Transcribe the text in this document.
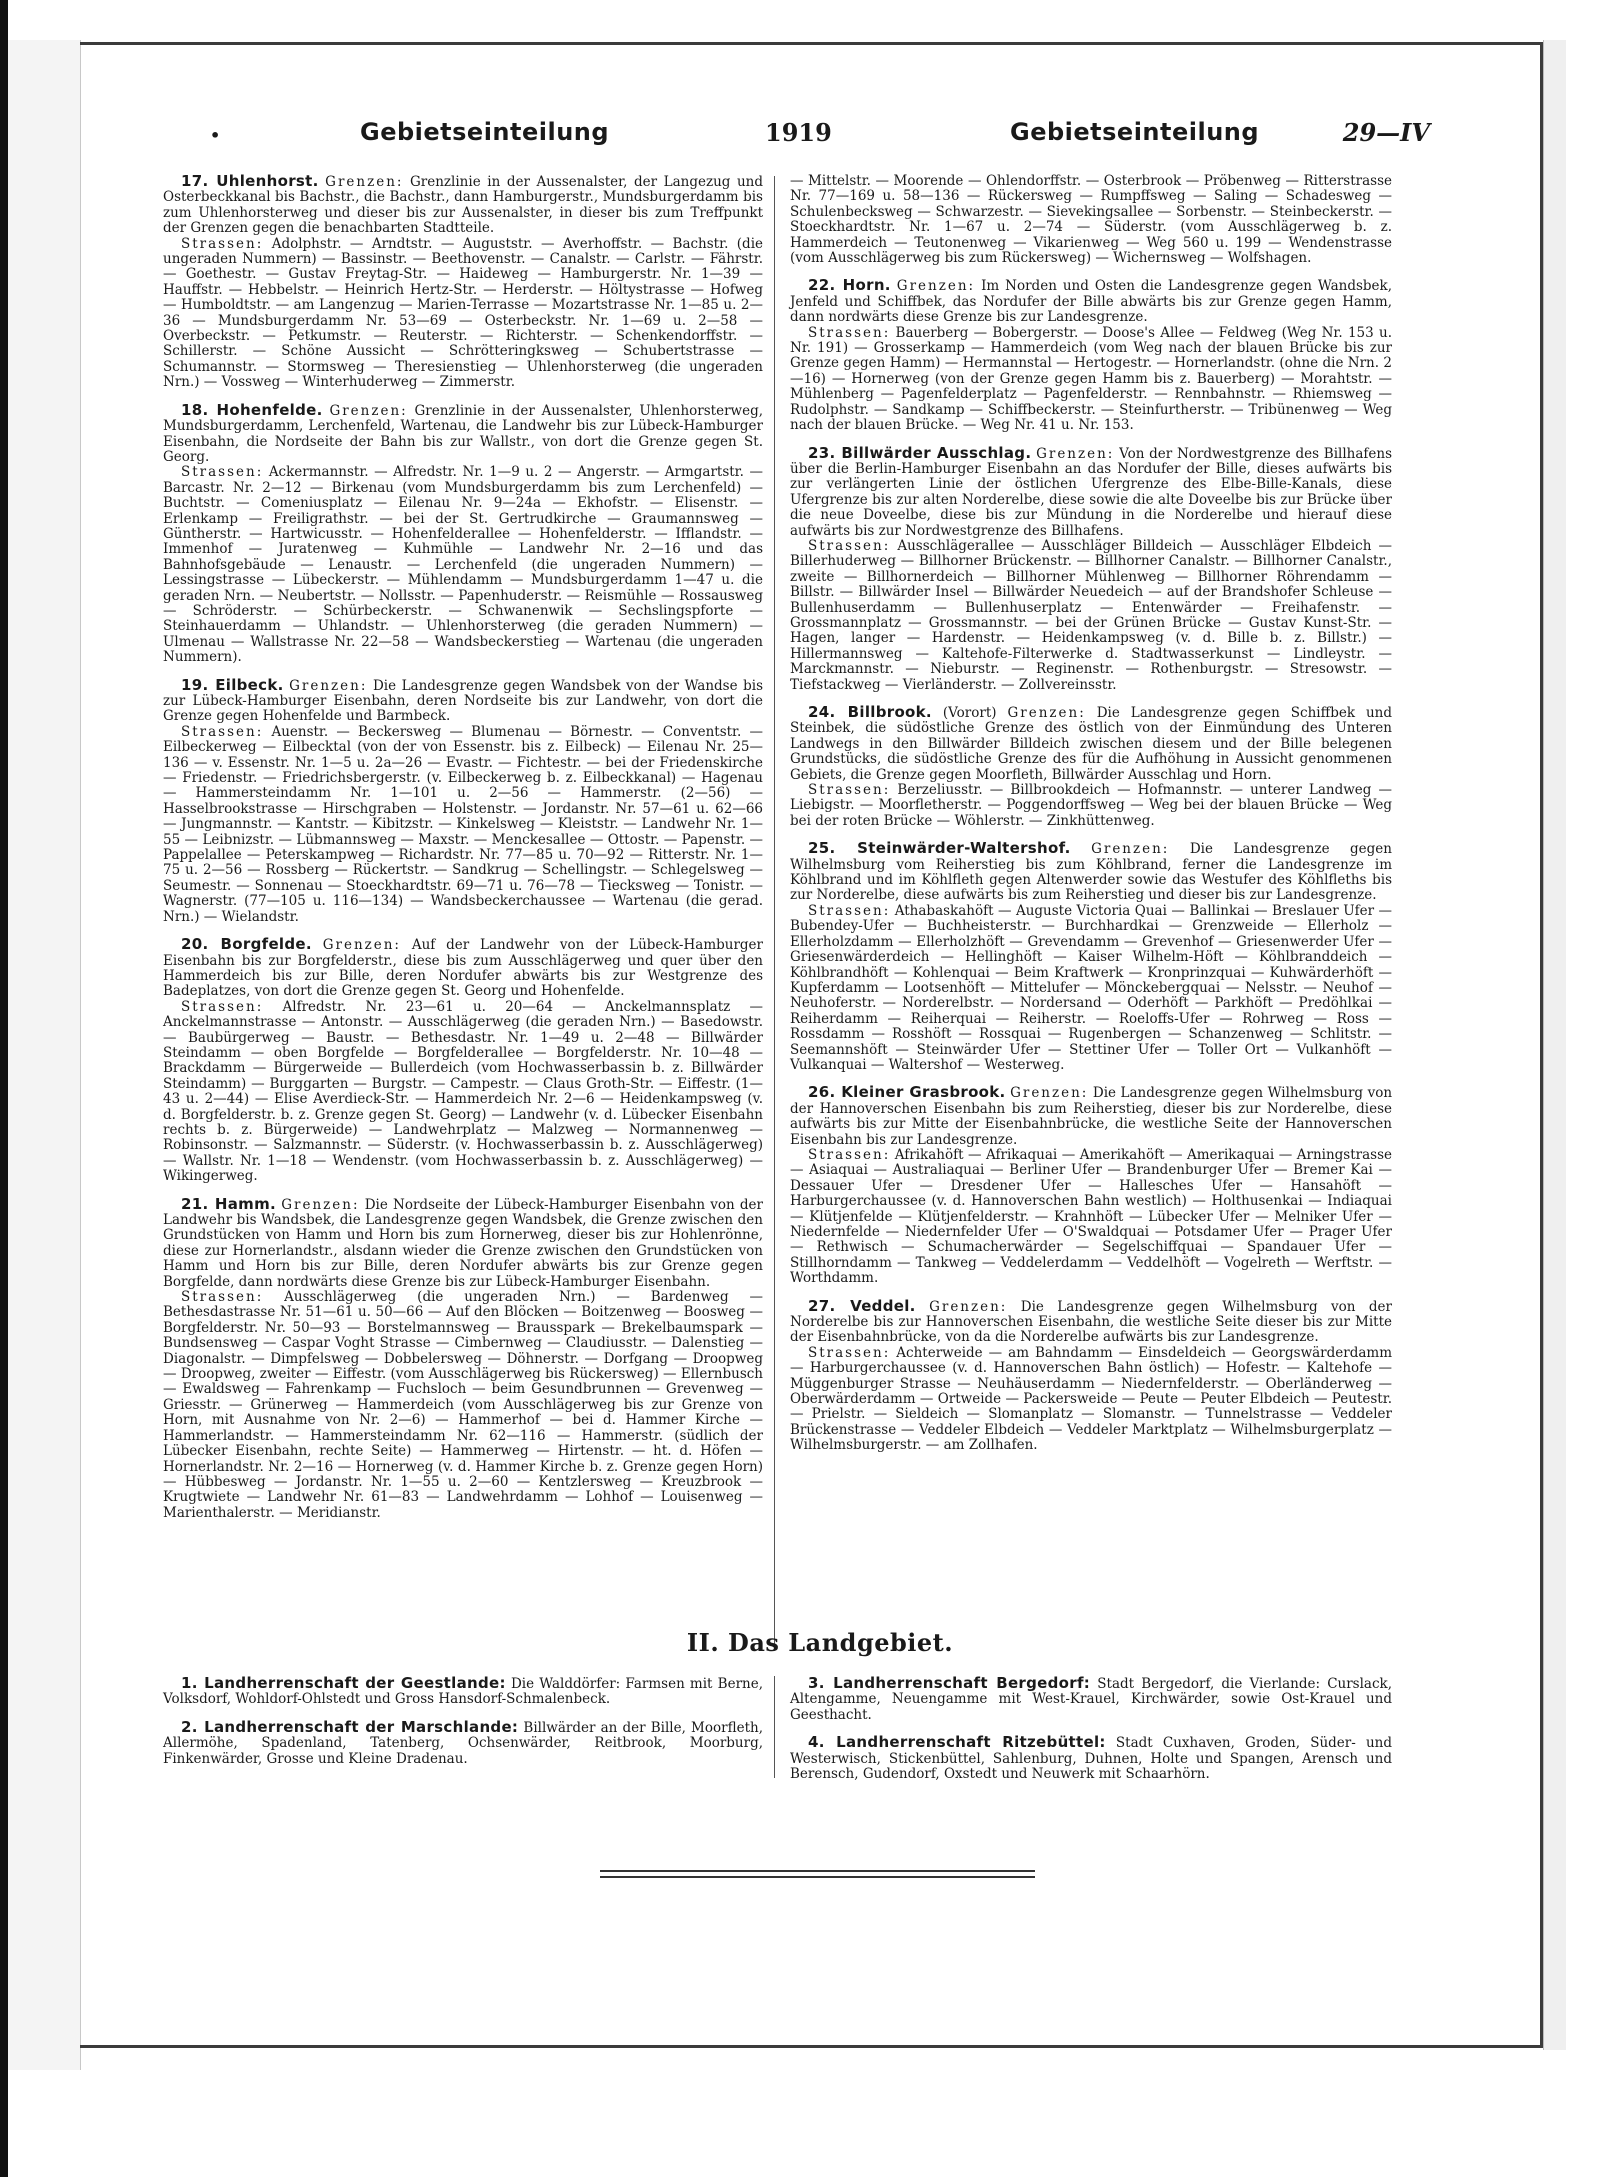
•	Gebietseinteilung	1919	Gebietseinteilung	29—IV

17. Uhlenhorst. Grenzen: Grenzlinie in der Aussenalster, der Langezug und Osterbeckkanal bis Bachstr., die Bachstr., dann Hamburgerstr., Mundsburgerdamm bis zum Uhlenhorsterweg und dieser bis zur Aussenalster, in dieser bis zum Treffpunkt der Grenzen gegen die benachbarten Stadtteile.

Strassen: Adolphstr. — Arndtstr. — Auguststr. — Averhoffstr. — Bachstr. (die ungeraden Nummern) — Bassinstr. — Beethovenstr. — Canalstr. — Carlstr. — Fährstr. — Goethestr. — Gustav Freytag-Str. — Haideweg — Hamburgerstr. Nr. 1—39 — Hauffstr. — Hebbelstr. — Heinrich Hertz-Str. — Herderstr. — Höltystrasse — Hofweg — Humboldtstr. — am Langenzug — Marien-Terrasse — Mozartstrasse Nr. 1—85 u. 2—36 — Mundsburgerdamm Nr. 53—69 — Osterbeckstr. Nr. 1—69 u. 2—58 — Overbeckstr. — Petkumstr. — Reuterstr. — Richterstr. — Schenkendorffstr. — Schillerstr. — Schöne Aussicht — Schrötteringksweg — Schubertstrasse — Schumannstr. — Stormsweg — Theresienstieg — Uhlenhorsterweg (die ungeraden Nrn.) — Vossweg — Winterhuderweg — Zimmerstr.

18. Hohenfelde. Grenzen: Grenzlinie in der Aussenalster, Uhlenhorsterweg, Mundsburgerdamm, Lerchenfeld, Wartenau, die Landwehr bis zur Lübeck-Hamburger Eisenbahn, die Nordseite der Bahn bis zur Wallstr., von dort die Grenze gegen St. Georg.

Strassen: Ackermannstr. — Alfredstr. Nr. 1—9 u. 2 — Angerstr. — Armgartstr. — Barcastr. Nr. 2—12 — Birkenau (vom Mundsburgerdamm bis zum Lerchenfeld) — Buchtstr. — Comeniusplatz — Eilenau Nr. 9—24a — Ekhofstr. — Elisenstr. — Erlenkamp — Freiligrathstr. — bei der St. Gertrudkirche — Graumannsweg — Güntherstr. — Hartwicusstr. — Hohenfelderallee — Hohenfelderstr. — Ifflandstr. — Immenhof — Juratenweg — Kuhmühle — Landwehr Nr. 2—16 und das Bahnhofsgebäude — Lenaustr. — Lerchenfeld (die ungeraden Nummern) — Lessingstrasse — Lübeckerstr. — Mühlendamm — Mundsburgerdamm 1—47 u. die geraden Nrn. — Neubertstr. — Nollsstr. — Papenhuderstr. — Reismühle — Rossausweg — Schröderstr. — Schürbeckerstr. — Schwanenwik — Sechslingspforte — Steinhauerdamm — Uhlandstr. — Uhlenhorsterweg (die geraden Nummern) — Ulmenau — Wallstrasse Nr. 22—58 — Wandsbeckerstieg — Wartenau (die ungeraden Nummern).

19. Eilbeck. Grenzen: Die Landesgrenze gegen Wandsbek von der Wandse bis zur Lübeck-Hamburger Eisenbahn, deren Nordseite bis zur Landwehr, von dort die Grenze gegen Hohenfelde und Barmbeck.

Strassen: Auenstr. — Beckersweg — Blumenau — Börnestr. — Conventstr. — Eilbeckerweg — Eilbecktal (von der von Essenstr. bis z. Eilbeck) — Eilenau Nr. 25—136 — v. Essenstr. Nr. 1—5 u. 2a—26 — Evastr. — Fichtestr. — bei der Friedenskirche — Friedenstr. — Friedrichsbergerstr. (v. Eilbeckerweg b. z. Eilbeckkanal) — Hagenau — Hammersteindamm Nr. 1—101 u. 2—56 — Hammerstr. (2—56) — Hasselbrookstrasse — Hirschgraben — Holstenstr. — Jordanstr. Nr. 57—61 u. 62—66 — Jungmannstr. — Kantstr. — Kibitzstr. — Kinkelsweg — Kleiststr. — Landwehr Nr. 1—55 — Leibnizstr. — Lübmannsweg — Maxstr. — Menckesallee — Ottostr. — Papenstr. — Pappelallee — Peterskampweg — Richardstr. Nr. 77—85 u. 70—92 — Ritterstr. Nr. 1—75 u. 2—56 — Rossberg — Rückertstr. — Sandkrug — Schellingstr. — Schlegelsweg — Seumestr. — Sonnenau — Stoeckhardtstr. 69—71 u. 76—78 — Tiecksweg — Tonistr. — Wagnerstr. (77—105 u. 116—134) — Wandsbeckerchaussee — Wartenau (die gerad. Nrn.) — Wielandstr.

20. Borgfelde. Grenzen: Auf der Landwehr von der Lübeck-Hamburger Eisenbahn bis zur Borgfelderstr., diese bis zum Ausschlägerweg und quer über den Hammerdeich bis zur Bille, deren Nordufer abwärts bis zur Westgrenze des Badeplatzes, von dort die Grenze gegen St. Georg und Hohenfelde.

Strassen: Alfredstr. Nr. 23—61 u. 20—64 — Anckelmannsplatz — Anckelmannstrasse — Antonstr. — Ausschlägerweg (die geraden Nrn.) — Basedowstr. — Baubürgerweg — Baustr. — Bethesdastr. Nr. 1—49 u. 2—48 — Billwärder Steindamm — oben Borgfelde — Borgfelderallee — Borgfelderstr. Nr. 10—48 — Brackdamm — Bürgerweide — Bullerdeich (vom Hochwasserbassin b. z. Billwärder Steindamm) — Burggarten — Burgstr. — Campestr. — Claus Groth-Str. — Eiffestr. (1—43 u. 2—44) — Elise Averdieck-Str. — Hammerdeich Nr. 2—6 — Heidenkampsweg (v. d. Borgfelderstr. b. z. Grenze gegen St. Georg) — Landwehr (v. d. Lübecker Eisenbahn rechts b. z. Bürgerweide) — Landwehrplatz — Malzweg — Normannenweg — Robinsonstr. — Salzmannstr. — Süderstr. (v. Hochwasserbassin b. z. Ausschlägerweg) — Wallstr. Nr. 1—18 — Wendenstr. (vom Hochwasserbassin b. z. Ausschlägerweg) — Wikingerweg.

21. Hamm. Grenzen: Die Nordseite der Lübeck-Hamburger Eisenbahn von der Landwehr bis Wandsbek, die Landesgrenze gegen Wandsbek, die Grenze zwischen den Grundstücken von Hamm und Horn bis zum Hornerweg, dieser bis zur Hohlenrönne, diese zur Hornerlandstr., alsdann wieder die Grenze zwischen den Grundstücken von Hamm und Horn bis zur Bille, deren Nordufer abwärts bis zur Grenze gegen Borgfelde, dann nordwärts diese Grenze bis zur Lübeck-Hamburger Eisenbahn.

Strassen: Ausschlägerweg (die ungeraden Nrn.) — Bardenweg — Bethesdastrasse Nr. 51—61 u. 50—66 — Auf den Blöcken — Boitzenweg — Boosweg — Borgfelderstr. Nr. 50—93 — Borstelmannsweg — Brausspark — Brekelbaumspark — Bundsensweg — Caspar Voght Strasse — Cimbernweg — Claudiusstr. — Dalenstieg — Diagonalstr. — Dimpfelsweg — Dobbelersweg — Döhnerstr. — Dorfgang — Droopweg — Droopweg, zweiter — Eiffestr. (vom Ausschlägerweg bis Rückersweg) — Ellernbusch — Ewaldsweg — Fahrenkamp — Fuchsloch — beim Gesundbrunnen — Grevenweg — Griesstr. — Grünerweg — Hammerdeich (vom Ausschlägerweg bis zur Grenze von Horn, mit Ausnahme von Nr. 2—6) — Hammerhof — bei d. Hammer Kirche — Hammerlandstr. — Hammersteindamm Nr. 62—116 — Hammerstr. (südlich der Lübecker Eisenbahn, rechte Seite) — Hammerweg — Hirtenstr. — ht. d. Höfen — Hornerlandstr. Nr. 2—16 — Hornerweg (v. d. Hammer Kirche b. z. Grenze gegen Horn) — Hübbesweg — Jordanstr. Nr. 1—55 u. 2—60 — Kentzlersweg — Kreuzbrook — Krugtwiete — Landwehr Nr. 61—83 — Landwehrdamm — Lohhof — Louisenweg — Marienthalerstr. — Meridianstr.

— Mittelstr. — Moorende — Ohlendorffstr. — Osterbrook — Pröbenweg — Ritterstrasse Nr. 77—169 u. 58—136 — Rückersweg — Rumpffsweg — Saling — Schadesweg — Schulenbecksweg — Schwarzestr. — Sievekingsallee — Sorbenstr. — Steinbeckerstr. — Stoeckhardtstr. Nr. 1—67 u. 2—74 — Süderstr. (vom Ausschlägerweg b. z. Hammerdeich — Teutonenweg — Vikarienweg — Weg 560 u. 199 — Wendenstrasse (vom Ausschlägerweg bis zum Rückersweg) — Wichernsweg — Wolfshagen.

22. Horn. Grenzen: Im Norden und Osten die Landesgrenze gegen Wandsbek, Jenfeld und Schiffbek, das Nordufer der Bille abwärts bis zur Grenze gegen Hamm, dann nordwärts diese Grenze bis zur Landesgrenze.

Strassen: Bauerberg — Bobergerstr. — Doose's Allee — Feldweg (Weg Nr. 153 u. Nr. 191) — Grosserkamp — Hammerdeich (vom Weg nach der blauen Brücke bis zur Grenze gegen Hamm) — Hermannstal — Hertogestr. — Hornerlandstr. (ohne die Nrn. 2—16) — Hornerweg (von der Grenze gegen Hamm bis z. Bauerberg) — Morahtstr. — Mühlenberg — Pagenfelderplatz — Pagenfelderstr. — Rennbahnstr. — Rhiemsweg — Rudolphstr. — Sandkamp — Schiffbeckerstr. — Steinfurtherstr. — Tribünenweg — Weg nach der blauen Brücke. — Weg Nr. 41 u. Nr. 153.

23. Billwärder Ausschlag. Grenzen: Von der Nordwestgrenze des Billhafens über die Berlin-Hamburger Eisenbahn an das Nordufer der Bille, dieses aufwärts bis zur verlängerten Linie der östlichen Ufergrenze des Elbe-Bille-Kanals, diese Ufergrenze bis zur alten Norderelbe, diese sowie die alte Doveelbe bis zur Brücke über die neue Doveelbe, diese bis zur Mündung in die Norderelbe und hierauf diese aufwärts bis zur Nordwestgrenze des Billhafens.

Strassen: Ausschlägerallee — Ausschläger Billdeich — Ausschläger Elbdeich — Billerhuderweg — Billhorner Brückenstr. — Billhorner Canalstr. — Billhorner Canalstr., zweite — Billhornerdeich — Billhorner Mühlenweg — Billhorner Röhrendamm — Billstr. — Billwärder Insel — Billwärder Neuedeich — auf der Brandshofer Schleuse — Bullenhuserdamm — Bullenhuserplatz — Entenwärder — Freihafenstr. — Grossmannplatz — Grossmannstr. — bei der Grünen Brücke — Gustav Kunst-Str. — Hagen, langer — Hardenstr. — Heidenkampsweg (v. d. Bille b. z. Billstr.) — Hillermannsweg — Kaltehofe-Filterwerke d. Stadtwasserkunst — Lindleystr. — Marckmannstr. — Nieburstr. — Reginenstr. — Rothenburgstr. — Stresowstr. — Tiefstackweg — Vierländerstr. — Zollvereinsstr.

24. Billbrook. (Vorort) Grenzen: Die Landesgrenze gegen Schiffbek und Steinbek, die südöstliche Grenze des östlich von der Einmündung des Unteren Landwegs in den Billwärder Billdeich zwischen diesem und der Bille belegenen Grundstücks, die südöstliche Grenze des für die Aufhöhung in Aussicht genommenen Gebiets, die Grenze gegen Moorfleth, Billwärder Ausschlag und Horn.

Strassen: Berzeliusstr. — Billbrookdeich — Hofmannstr. — unterer Landweg — Liebigstr. — Moorfletherstr. — Poggendorffsweg — Weg bei der blauen Brücke — Weg bei der roten Brücke — Wöhlerstr. — Zinkhüttenweg.

25. Steinwärder-Waltershof. Grenzen: Die Landesgrenze gegen Wilhelmsburg vom Reiherstieg bis zum Köhlbrand, ferner die Landesgrenze im Köhlbrand und im Köhlfleth gegen Altenwerder sowie das Westufer des Köhlfleths bis zur Norderelbe, diese aufwärts bis zum Reiherstieg und dieser bis zur Landesgrenze.

Strassen: Athabaskahöft — Auguste Victoria Quai — Ballinkai — Breslauer Ufer — Bubendey-Ufer — Buchheisterstr. — Burchhardkai — Grenzweide — Ellerholz — Ellerholzdamm — Ellerholzhöft — Grevendamm — Grevenhof — Griesenwerder Ufer — Griesenwärderdeich — Hellinghöft — Kaiser Wilhelm-Höft — Köhlbranddeich — Köhlbrandhöft — Kohlenquai — Beim Kraftwerk — Kronprinzquai — Kuhwärderhöft — Kupferdamm — Lootsenhöft — Mittelufer — Mönckebergquai — Nelsstr. — Neuhof — Neuhoferstr. — Norderelbstr. — Nordersand — Oderhöft — Parkhöft — Predöhlkai — Reiherdamm — Reiherquai — Reiherstr. — Roeloffs-Ufer — Rohrweg — Ross — Rossdamm — Rosshöft — Rossquai — Rugenbergen — Schanzenweg — Schlitstr. — Seemannshöft — Steinwärder Ufer — Stettiner Ufer — Toller Ort — Vulkanhöft — Vulkanquai — Waltershof — Westerweg.

26. Kleiner Grasbrook. Grenzen: Die Landesgrenze gegen Wilhelmsburg von der Hannoverschen Eisenbahn bis zum Reiherstieg, dieser bis zur Norderelbe, diese aufwärts bis zur Mitte der Eisenbahnbrücke, die westliche Seite der Hannoverschen Eisenbahn bis zur Landesgrenze.

Strassen: Afrikahöft — Afrikaquai — Amerikahöft — Amerikaquai — Arningstrasse — Asiaquai — Australiaquai — Berliner Ufer — Brandenburger Ufer — Bremer Kai — Dessauer Ufer — Dresdener Ufer — Hallesches Ufer — Hansahöft — Harburgerchaussee (v. d. Hannoverschen Bahn westlich) — Holthusenkai — Indiaquai — Klütjenfelde — Klütjenfelderstr. — Krahnhöft — Lübecker Ufer — Melniker Ufer — Niedernfelde — Niedernfelder Ufer — O'Swaldquai — Potsdamer Ufer — Prager Ufer — Rethwisch — Schumacherwärder — Segelschiffquai — Spandauer Ufer — Stillhorndamm — Tankweg — Veddelerdamm — Veddelhöft — Vogelreth — Werftstr. — Worthdamm.

27. Veddel. Grenzen: Die Landesgrenze gegen Wilhelmsburg von der Norderelbe bis zur Hannoverschen Eisenbahn, die westliche Seite dieser bis zur Mitte der Eisenbahnbrücke, von da die Norderelbe aufwärts bis zur Landesgrenze.

Strassen: Achterweide — am Bahndamm — Einsdeldeich — Georgswärderdamm — Harburgerchaussee (v. d. Hannoverschen Bahn östlich) — Hofestr. — Kaltehofe — Müggenburger Strasse — Neuhäuserdamm — Niedernfelderstr. — Oberländerweg — Oberwärderdamm — Ortweide — Packersweide — Peute — Peuter Elbdeich — Peutestr. — Prielstr. — Sieldeich — Slomanplatz — Slomanstr. — Tunnelstrasse — Veddeler Brückenstrasse — Veddeler Elbdeich — Veddeler Marktplatz — Wilhelmsburgerplatz — Wilhelmsburgerstr. — am Zollhafen.

II. Das Landgebiet.

1. Landherrenschaft der Geestlande: Die Walddörfer: Farmsen mit Berne, Volksdorf, Wohldorf-Ohlstedt und Gross Hansdorf-Schmalenbeck.

2. Landherrenschaft der Marschlande: Billwärder an der Bille, Moorfleth, Allermöhe, Spadenland, Tatenberg, Ochsenwärder, Reitbrook, Moorburg, Finkenwärder, Grosse und Kleine Dradenau.

3. Landherrenschaft Bergedorf: Stadt Bergedorf, die Vierlande: Curslack, Altengamme, Neuengamme mit West-Krauel, Kirchwärder, sowie Ost-Krauel und Geesthacht.

4. Landherrenschaft Ritzebüttel: Stadt Cuxhaven, Groden, Süder- und Westerwisch, Stickenbüttel, Sahlenburg, Duhnen, Holte und Spangen, Arensch und Berensch, Gudendorf, Oxstedt und Neuwerk mit Schaarhörn.
